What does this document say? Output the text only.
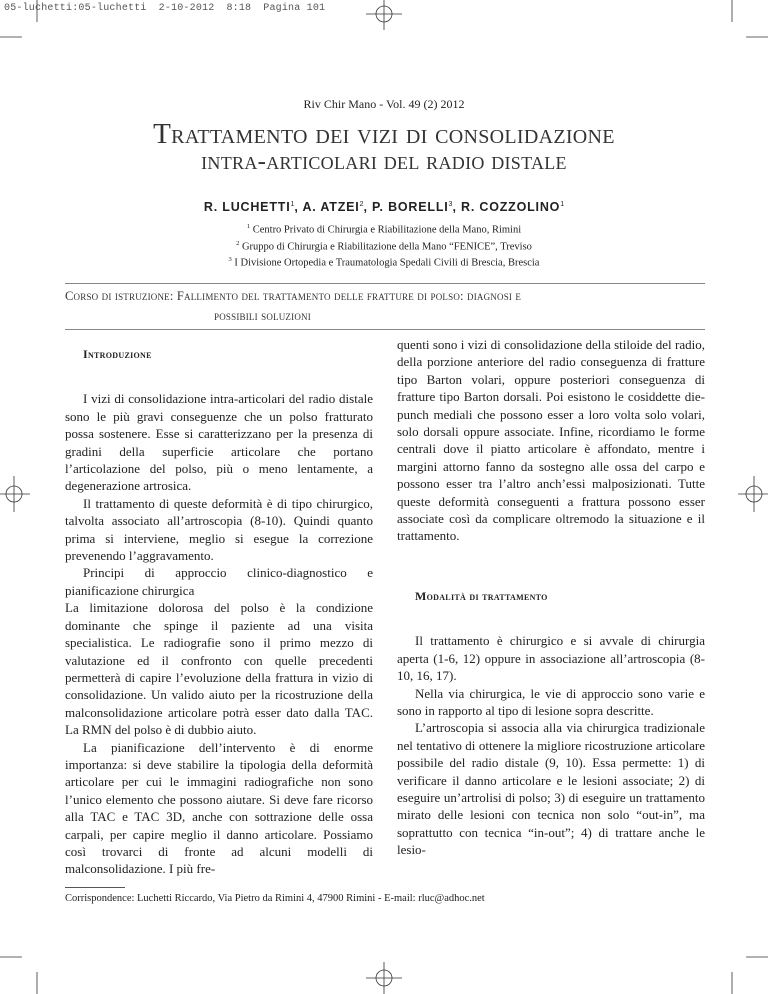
05-luchetti:05-luchetti 2-10-2012 8:18 Pagina 101
Riv Chir Mano - Vol. 49 (2) 2012
Trattamento dei vizi di consolidazione
intra-articolari del radio distale
R. LUCHETTI$^1$, A. ATZEI$^2$, P. BORELLI$^3$, R. COZZOLINO$^1$
$^1$ Centro Privato di Chirurgia e Riabilitazione della Mano, Rimini
$^2$ Gruppo di Chirurgia e Riabilitazione della Mano “FENICE”, Treviso
$^3$ I Divisione Ortopedia e Traumatologia Spedali Civili di Brescia, Brescia
Corso di istruzione: Fallimento del trattamento delle fratture di polso: diagnosi e
possibili soluzioni

Introduzione

I vizi di consolidazione intra-articolari del radio distale sono le più gravi conseguenze che un polso fratturato possa sostenere. Esse si caratterizzano per la presenza di gradini della superficie articolare che portano l’articolazione del polso, più o meno lentamente, a degenerazione artrosica.

Il trattamento di queste deformità è di tipo chirurgico, talvolta associato all’artroscopia (8-10). Quindi quanto prima si interviene, meglio si esegue la correzione prevenendo l’aggravamento.

Principi di approccio clinico-diagnostico e pianificazione chirurgica

La limitazione dolorosa del polso è la condizione dominante che spinge il paziente ad una visita specialistica. Le radiografie sono il primo mezzo di valutazione ed il confronto con quelle precedenti permetterà di capire l’evoluzione della frattura in vizio di consolidazione. Un valido aiuto per la ricostruzione della malconsolidazione articolare potrà esser dato dalla TAC. La RMN del polso è di dubbio aiuto.

La pianificazione dell’intervento è di enorme importanza: si deve stabilire la tipologia della deformità articolare per cui le immagini radiografiche non sono l’unico elemento che possono aiutare. Si deve fare ricorso alla TAC e TAC 3D, anche con sottrazione delle ossa carpali, per capire meglio il danno articolare. Possiamo così trovarci di fronte ad alcuni modelli di malconsolidazione. I più fre-

quenti sono i vizi di consolidazione della stiloide del radio, della porzione anteriore del radio conseguenza di fratture tipo Barton volari, oppure posteriori conseguenza di fratture tipo Barton dorsali. Poi esistono le cosiddette die-punch mediali che possono esser a loro volta solo volari, solo dorsali oppure associate. Infine, ricordiamo le forme centrali dove il piatto articolare è affondato, mentre i margini attorno fanno da sostegno alle ossa del carpo e possono esser tra l’altro anch’essi malposizionati. Tutte queste deformità conseguenti a frattura possono esser associate così da complicare oltremodo la situazione e il trattamento.

Modalità di trattamento

Il trattamento è chirurgico e si avvale di chirurgia aperta (1-6, 12) oppure in associazione all’artroscopia (8-10, 16, 17).

Nella via chirurgica, le vie di approccio sono varie e sono in rapporto al tipo di lesione sopra descritte.

L’artroscopia si associa alla via chirurgica tradizionale nel tentativo di ottenere la migliore ricostruzione articolare possibile del radio distale (9, 10). Essa permette: 1) di verificare il danno articolare e le lesioni associate; 2) di eseguire un’artrolisi di polso; 3) di eseguire un trattamento mirato delle lesioni con tecnica non solo “out-in”, ma soprattutto con tecnica “in-out”; 4) di trattare anche le lesio-

Corrispondence: Luchetti Riccardo, Via Pietro da Rimini 4, 47900 Rimini - E-mail: rluc@adhoc.net
